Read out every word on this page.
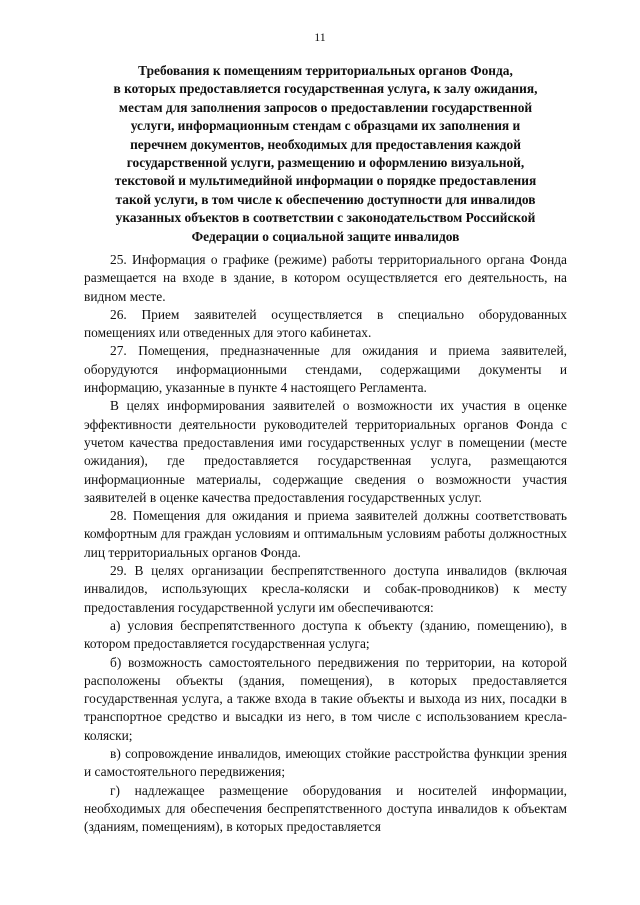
11
Требования к помещениям территориальных органов Фонда,
в которых предоставляется государственная услуга, к залу ожидания,
местам для заполнения запросов о предоставлении государственной
услуги, информационным стендам с образцами их заполнения и
перечнем документов, необходимых для предоставления каждой
государственной услуги, размещению и оформлению визуальной,
текстовой и мультимедийной информации о порядке предоставления
такой услуги, в том числе к обеспечению доступности для инвалидов
указанных объектов в соответствии с законодательством Российской
Федерации о социальной защите инвалидов

25. Информация о графике (режиме) работы территориального органа Фонда размещается на входе в здание, в котором осуществляется его деятельность, на видном месте.

26. Прием заявителей осуществляется в специально оборудованных помещениях или отведенных для этого кабинетах.

27. Помещения, предназначенные для ожидания и приема заявителей, оборудуются информационными стендами, содержащими документы и информацию, указанные в пункте 4 настоящего Регламента.

В целях информирования заявителей о возможности их участия в оценке эффективности деятельности руководителей территориальных органов Фонда с учетом качества предоставления ими государственных услуг в помещении (месте ожидания), где предоставляется государственная услуга, размещаются информационные материалы, содержащие сведения о возможности участия заявителей в оценке качества предоставления государственных услуг.

28. Помещения для ожидания и приема заявителей должны соответствовать комфортным для граждан условиям и оптимальным условиям работы должностных лиц территориальных органов Фонда.

29. В целях организации беспрепятственного доступа инвалидов (включая инвалидов, использующих кресла-коляски и собак-проводников) к месту предоставления государственной услуги им обеспечиваются:

а) условия беспрепятственного доступа к объекту (зданию, помещению), в котором предоставляется государственная услуга;

б) возможность самостоятельного передвижения по территории, на которой расположены объекты (здания, помещения), в которых предоставляется государственная услуга, а также входа в такие объекты и выхода из них, посадки в транспортное средство и высадки из него, в том числе с использованием кресла-коляски;

в) сопровождение инвалидов, имеющих стойкие расстройства функции зрения и самостоятельного передвижения;

г) надлежащее размещение оборудования и носителей информации, необходимых для обеспечения беспрепятственного доступа инвалидов к объектам (зданиям, помещениям), в которых предоставляется
